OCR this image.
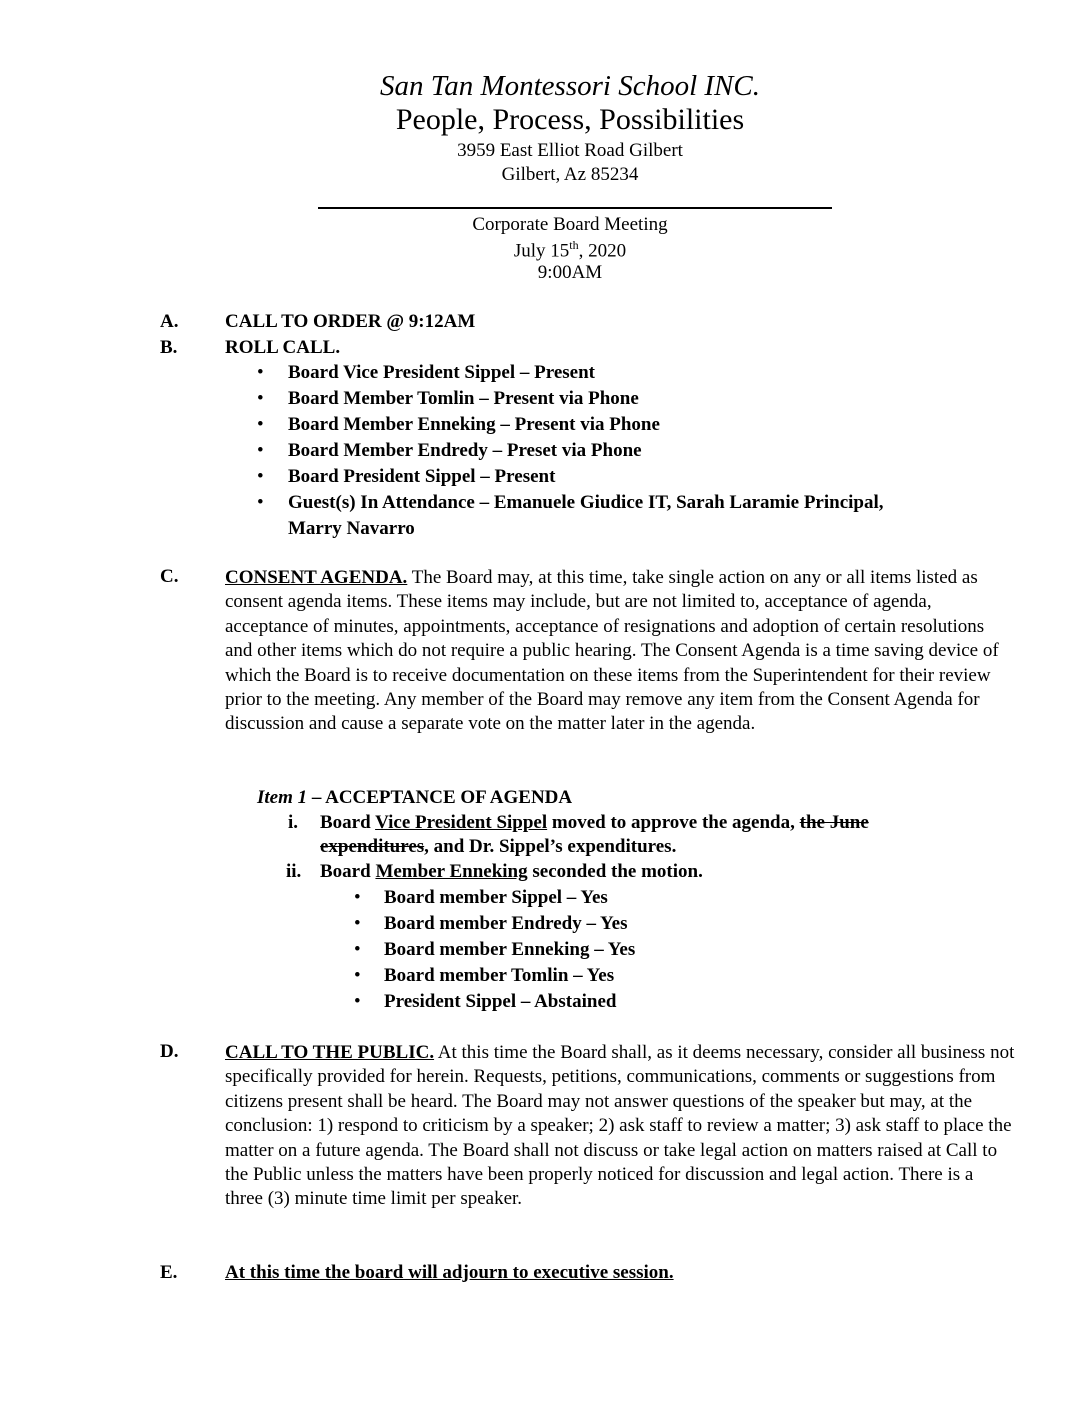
San Tan Montessori School INC.
People, Process, Possibilities
3959 East Elliot Road Gilbert
Gilbert, Az 85234
Corporate Board Meeting
July 15th, 2020
9:00AM
A. CALL TO ORDER @ 9:12AM
B.	ROLL CALL.
• Board Vice President Sippel – Present
• Board Member Tomlin – Present via Phone
• Board Member Enneking – Present via Phone
• Board Member Endredy – Preset via Phone
• Board President Sippel – Present
• Guest(s) In Attendance – Emanuele Giudice IT, Sarah Laramie Principal,
Marry Navarro
C. CONSENT AGENDA. The Board may, at this time, take single action on any or all items listed as consent agenda items. These items may include, but are not limited to, acceptance of agenda, acceptance of minutes, appointments, acceptance of resignations and adoption of certain resolutions and other items which do not require a public hearing. The Consent Agenda is a time saving device of which the Board is to receive documentation on these items from the Superintendent for their review prior to the meeting. Any member of the Board may remove any item from the Consent Agenda for discussion and cause a separate vote on the matter later in the agenda.
Item 1 – ACCEPTANCE OF AGENDA
i. Board Vice President Sippel moved to approve the agenda, the June
expenditures, and Dr. Sippel’s expenditures.
ii. Board Member Enneking seconded the motion.
• Board member Sippel – Yes
• Board member Endredy – Yes
• Board member Enneking – Yes
• Board member Tomlin – Yes
• President Sippel – Abstained
D. CALL TO THE PUBLIC. At this time the Board shall, as it deems necessary, consider all business not specifically provided for herein. Requests, petitions, communications, comments or suggestions from citizens present shall be heard. The Board may not answer questions of the speaker but may, at the conclusion: 1) respond to criticism by a speaker; 2) ask staff to review a matter; 3) ask staff to place the matter on a future agenda. The Board shall not discuss or take legal action on matters raised at Call to the Public unless the matters have been properly noticed for discussion and legal action. There is a three (3) minute time limit per speaker.
E.	At this time the board will adjourn to executive session.
